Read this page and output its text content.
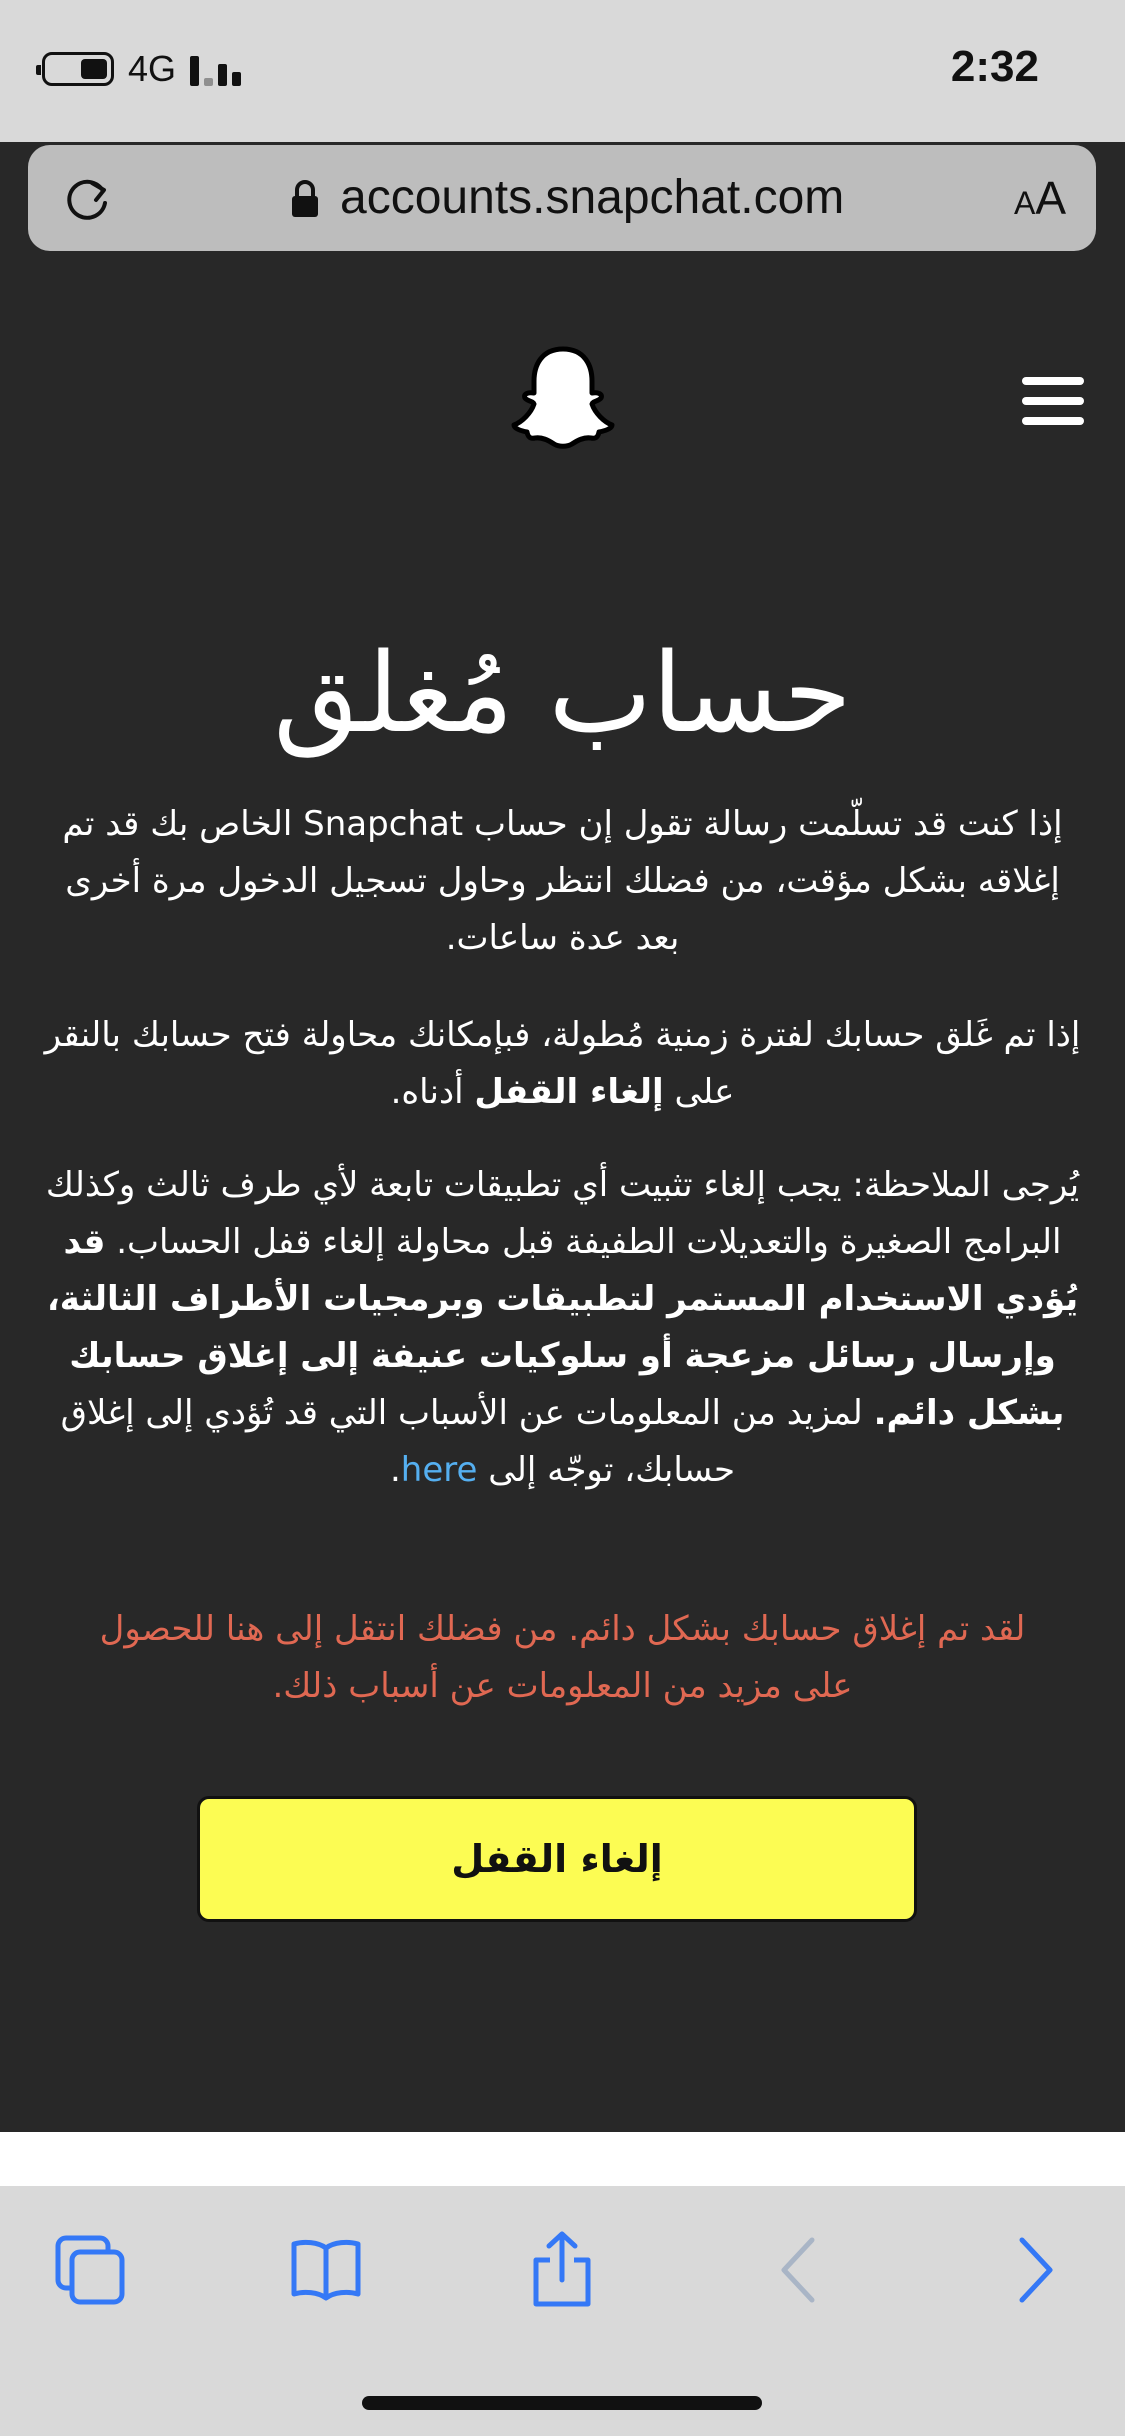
4G	2:32
accounts.snapchat.com	AA
حساب مُغلق

إذا كنت قد تسلّمت رسالة تقول إن حساب Snapchat الخاص بك قد تم إغلاقه بشكل مؤقت، من فضلك انتظر وحاول تسجيل الدخول مرة أخرى بعد عدة ساعات.

إذا تم غَلق حسابك لفترة زمنية مُطولة، فبإمكانك محاولة فتح حسابك بالنقر على إلغاء القفل أدناه.

يُرجى الملاحظة: يجب إلغاء تثبيت أي تطبيقات تابعة لأي طرف ثالث وكذلك البرامج الصغيرة والتعديلات الطفيفة قبل محاولة إلغاء قفل الحساب. قد يُؤدي الاستخدام المستمر لتطبيقات وبرمجيات الأطراف الثالثة، وإرسال رسائل مزعجة أو سلوكيات عنيفة إلى إغلاق حسابك بشكل دائم. لمزيد من المعلومات عن الأسباب التي قد تُؤدي إلى إغلاق حسابك، توجّه إلى here.

لقد تم إغلاق حسابك بشكل دائم. من فضلك انتقل إلى هنا للحصول على مزيد من المعلومات عن أسباب ذلك.

إلغاء القفل
